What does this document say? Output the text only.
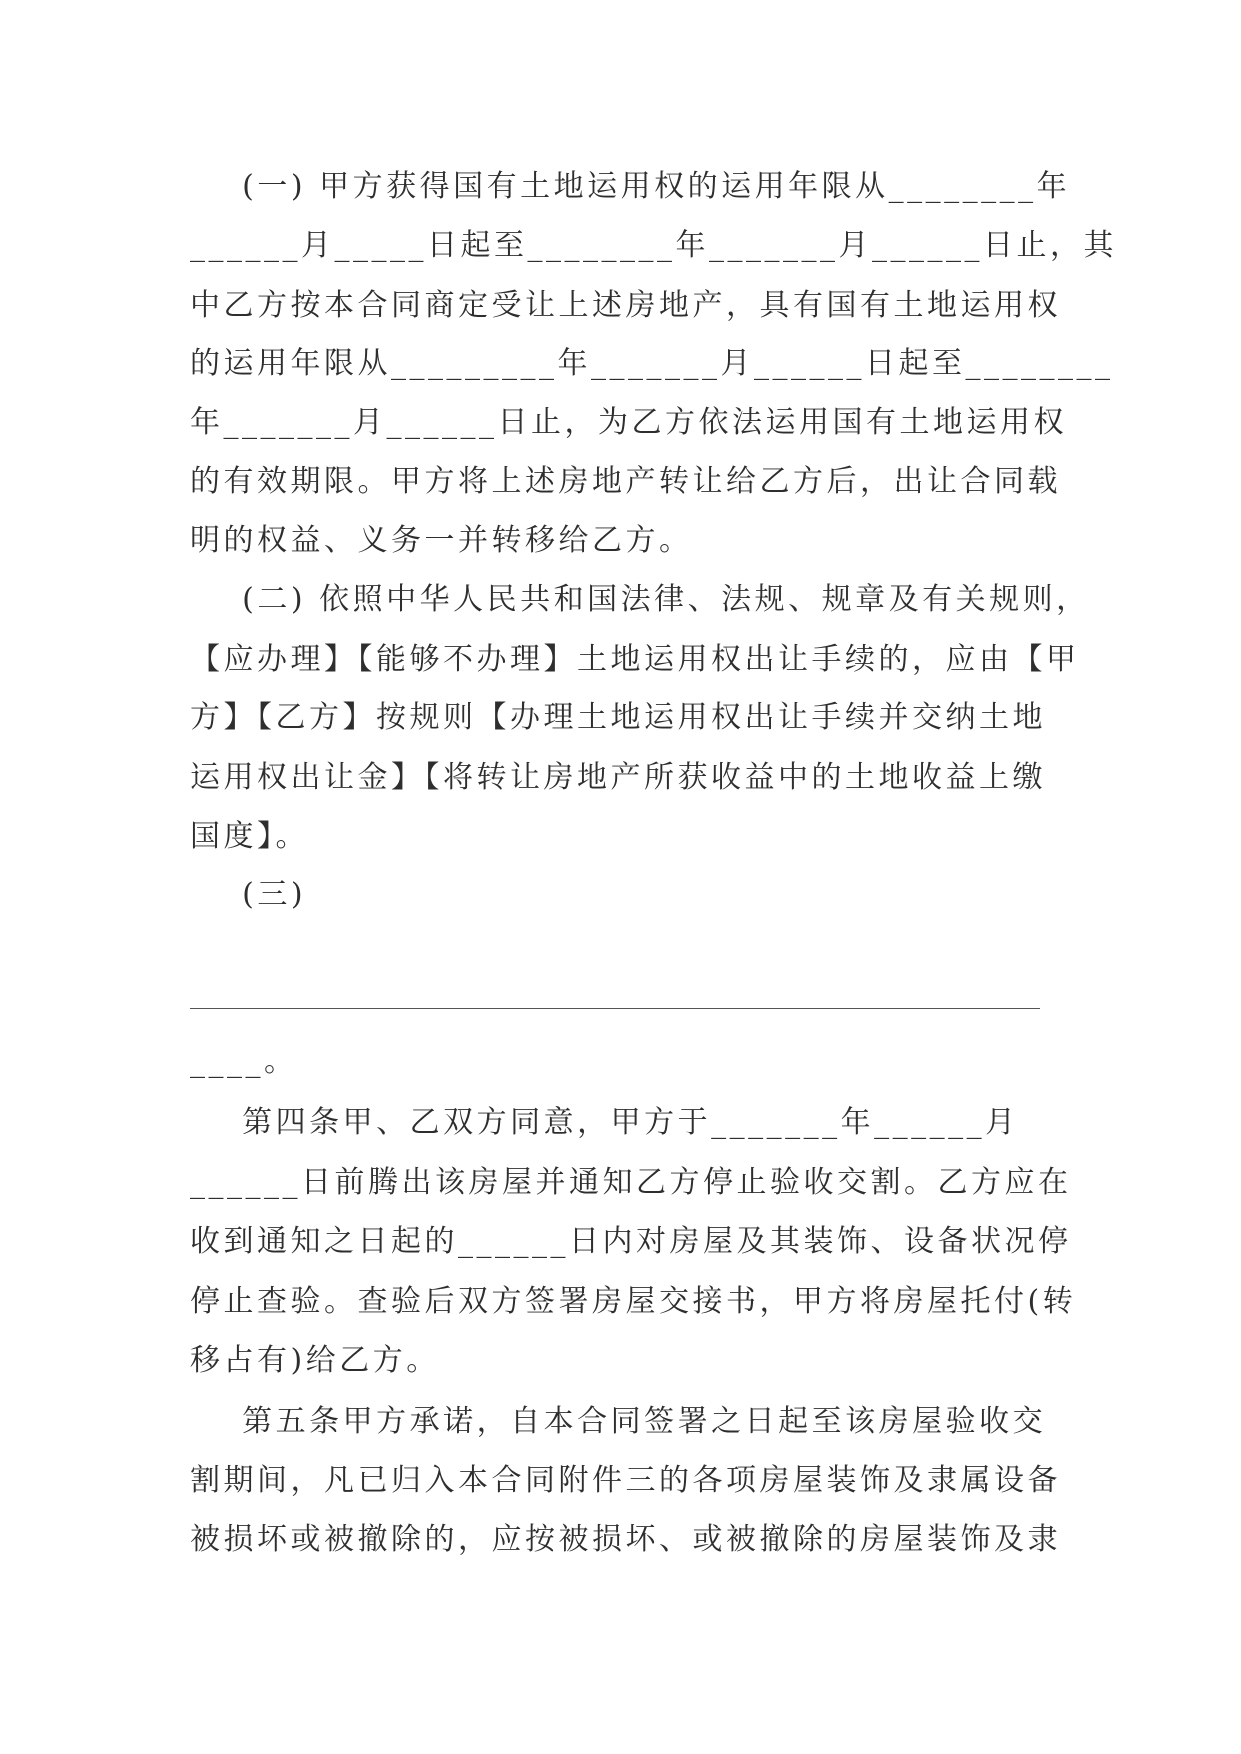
(一) 甲方获得国有土地运用权的运用年限从________年
______月_____日起至________年_______月______日止，其
中乙方按本合同商定受让上述房地产，具有国有土地运用权
的运用年限从_________年_______月______日起至________
年_______月______日止，为乙方依法运用国有土地运用权
的有效期限。甲方将上述房地产转让给乙方后，出让合同载
明的权益、义务一并转移给乙方。
(二) 依照中华人民共和国法律、法规、规章及有关规则，
【应办理】【能够不办理】土地运用权出让手续的，应由【甲
方】【乙方】按规则【办理土地运用权出让手续并交纳土地
运用权出让金】【将转让房地产所获收益中的土地收益上缴
国度】。
(三)
____。
第四条甲、乙双方同意，甲方于_______年______月
______日前腾出该房屋并通知乙方停止验收交割。乙方应在
收到通知之日起的______日内对房屋及其装饰、设备状况停
停止查验。查验后双方签署房屋交接书，甲方将房屋托付(转
移占有)给乙方。
第五条甲方承诺，自本合同签署之日起至该房屋验收交
割期间，凡已归入本合同附件三的各项房屋装饰及隶属设备
被损坏或被撤除的，应按被损坏、或被撤除的房屋装饰及隶
